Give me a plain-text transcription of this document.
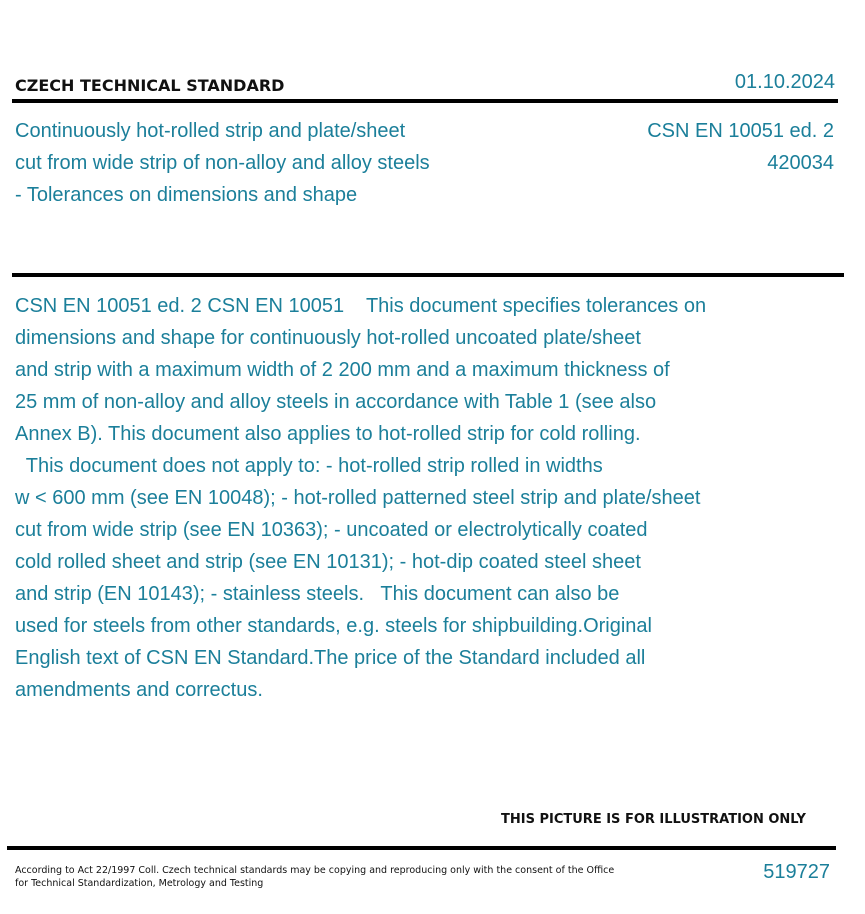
CZECH TECHNICAL STANDARD	01.10.2024
Continuously hot-rolled strip and plate/sheet
cut from wide strip of non-alloy and alloy steels
- Tolerances on dimensions and shape
CSN EN 10051 ed. 2
420034
CSN EN 10051 ed. 2 CSN EN 10051    This document specifies tolerances on
dimensions and shape for continuously hot-rolled uncoated plate/sheet
and strip with a maximum width of 2 200 mm and a maximum thickness of
25 mm of non-alloy and alloy steels in accordance with Table 1 (see also
Annex B). This document also applies to hot-rolled strip for cold rolling.
This document does not apply to: - hot-rolled strip rolled in widths
w < 600 mm (see EN 10048); - hot-rolled patterned steel strip and plate/sheet
cut from wide strip (see EN 10363); - uncoated or electrolytically coated
cold rolled sheet and strip (see EN 10131); - hot-dip coated steel sheet
and strip (EN 10143); - stainless steels.   This document can also be
used for steels from other standards, e.g. steels for shipbuilding.Original
English text of CSN EN Standard.The price of the Standard included all
amendments and correctus.
THIS PICTURE IS FOR ILLUSTRATION ONLY
According to Act 22/1997 Coll. Czech technical standards may be copying and reproducing only with the consent of the Office
for Technical Standardization, Metrology and Testing
519727
